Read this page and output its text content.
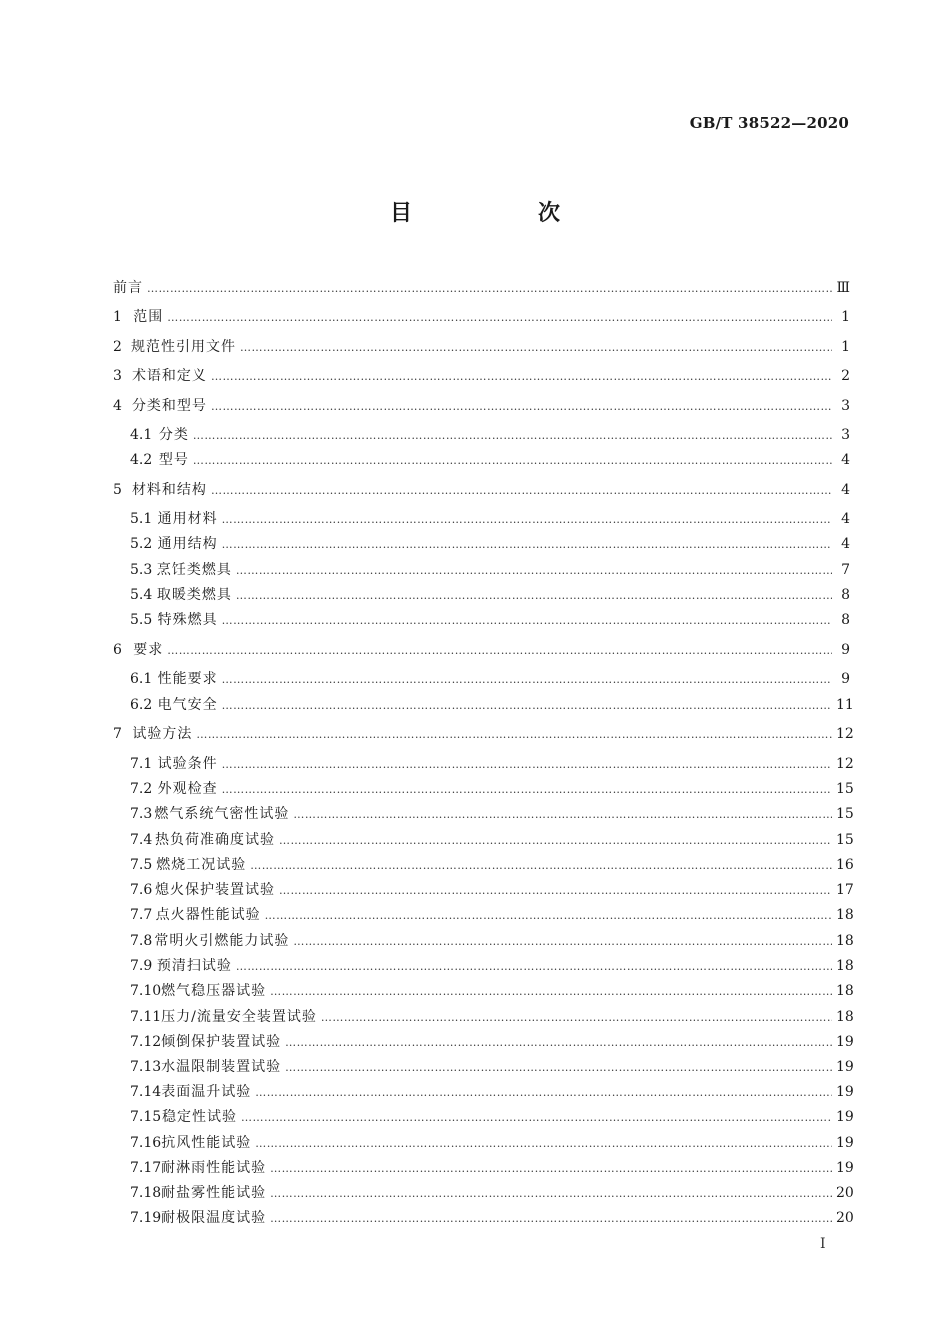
GB/T 38522—2020
目　次
前言 ……………………………………………………………………………………………………………………………………………………………………………………………………………	Ⅲ
1 范围 ……………………………………………………………………………………………………………………………………………………………………………………………………………	1
2 规范性引用文件 ……………………………………………………………………………………………………………………………………………………………………………………………………………	1
3 术语和定义 ……………………………………………………………………………………………………………………………………………………………………………………………………………	2
4 分类和型号 ……………………………………………………………………………………………………………………………………………………………………………………………………………	3
4.1 分类 ……………………………………………………………………………………………………………………………………………………………………………………………………………	3
4.2 型号 ……………………………………………………………………………………………………………………………………………………………………………………………………………	4
5 材料和结构 ……………………………………………………………………………………………………………………………………………………………………………………………………………	4
5.1 通用材料 ……………………………………………………………………………………………………………………………………………………………………………………………………………	4
5.2 通用结构 ……………………………………………………………………………………………………………………………………………………………………………………………………………	4
5.3 烹饪类燃具 ……………………………………………………………………………………………………………………………………………………………………………………………………………	7
5.4 取暖类燃具 ……………………………………………………………………………………………………………………………………………………………………………………………………………	8
5.5 特殊燃具 ……………………………………………………………………………………………………………………………………………………………………………………………………………	8
6 要求 ……………………………………………………………………………………………………………………………………………………………………………………………………………	9
6.1 性能要求 ……………………………………………………………………………………………………………………………………………………………………………………………………………	9
6.2 电气安全 ……………………………………………………………………………………………………………………………………………………………………………………………………………	11
7 试验方法 ……………………………………………………………………………………………………………………………………………………………………………………………………………	12
7.1 试验条件 ……………………………………………………………………………………………………………………………………………………………………………………………………………	12
7.2 外观检查 ……………………………………………………………………………………………………………………………………………………………………………………………………………	15
7.3 燃气系统气密性试验 ……………………………………………………………………………………………………………………………………………………………………………………………………………	15
7.4 热负荷准确度试验 ……………………………………………………………………………………………………………………………………………………………………………………………………………	15
7.5 燃烧工况试验 ……………………………………………………………………………………………………………………………………………………………………………………………………………	16
7.6 熄火保护装置试验 ……………………………………………………………………………………………………………………………………………………………………………………………………………	17
7.7 点火器性能试验 ……………………………………………………………………………………………………………………………………………………………………………………………………………	18
7.8 常明火引燃能力试验 ……………………………………………………………………………………………………………………………………………………………………………………………………………	18
7.9 预清扫试验 ……………………………………………………………………………………………………………………………………………………………………………………………………………	18
7.10 燃气稳压器试验 ……………………………………………………………………………………………………………………………………………………………………………………………………………	18
7.11 压力/流量安全装置试验 ……………………………………………………………………………………………………………………………………………………………………………………………………………	18
7.12 倾倒保护装置试验 ……………………………………………………………………………………………………………………………………………………………………………………………………………	19
7.13 水温限制装置试验 ……………………………………………………………………………………………………………………………………………………………………………………………………………	19
7.14 表面温升试验 ……………………………………………………………………………………………………………………………………………………………………………………………………………	19
7.15 稳定性试验 ……………………………………………………………………………………………………………………………………………………………………………………………………………	19
7.16 抗风性能试验 ……………………………………………………………………………………………………………………………………………………………………………………………………………	19
7.17 耐淋雨性能试验 ……………………………………………………………………………………………………………………………………………………………………………………………………………	19
7.18 耐盐雾性能试验 ……………………………………………………………………………………………………………………………………………………………………………………………………………	20
7.19 耐极限温度试验 ……………………………………………………………………………………………………………………………………………………………………………………………………………	20
I
